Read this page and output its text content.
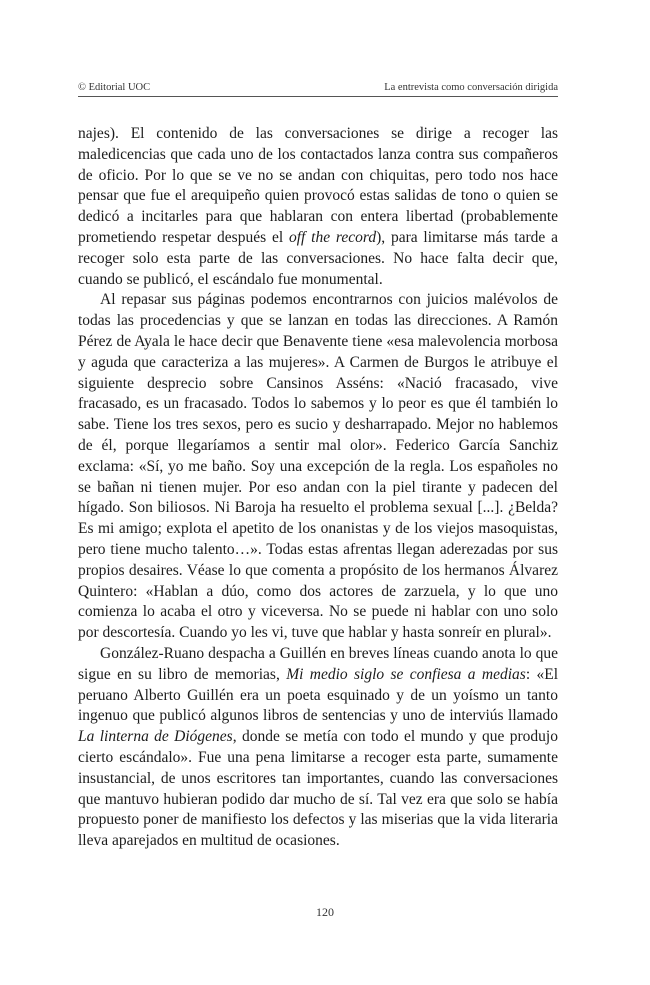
© Editorial UOC	La entrevista como conversación dirigida

najes). El contenido de las conversaciones se dirige a recoger las maledicencias que cada uno de los contactados lanza contra sus compañeros de oficio. Por lo que se ve no se andan con chiquitas, pero todo nos hace pensar que fue el arequipeño quien provocó estas salidas de tono o quien se dedicó a incitarles para que hablaran con entera libertad (probablemente prometiendo respetar después el off the record), para limitarse más tarde a recoger solo esta parte de las conversaciones. No hace falta decir que, cuando se publicó, el escándalo fue monumental.

Al repasar sus páginas podemos encontrarnos con juicios malévolos de todas las procedencias y que se lanzan en todas las direcciones. A Ramón Pérez de Ayala le hace decir que Benavente tiene «esa malevolencia morbosa y aguda que caracteriza a las mujeres». A Carmen de Burgos le atribuye el siguiente desprecio sobre Cansinos Asséns: «Nació fracasado, vive fracasado, es un fracasado. Todos lo sabemos y lo peor es que él también lo sabe. Tiene los tres sexos, pero es sucio y desharrapado. Mejor no hablemos de él, porque llegaríamos a sentir mal olor». Federico García Sanchiz exclama: «Sí, yo me baño. Soy una excepción de la regla. Los españoles no se bañan ni tienen mujer. Por eso andan con la piel tirante y padecen del hígado. Son biliosos. Ni Baroja ha resuelto el problema sexual [...]. ¿Belda? Es mi amigo; explota el apetito de los onanistas y de los viejos masoquistas, pero tiene mucho talento…». Todas estas afrentas llegan aderezadas por sus propios desaires. Véase lo que comenta a propósito de los hermanos Álvarez Quintero: «Hablan a dúo, como dos actores de zarzuela, y lo que uno comienza lo acaba el otro y viceversa. No se puede ni hablar con uno solo por descortesía. Cuando yo les vi, tuve que hablar y hasta sonreír en plural».

González-Ruano despacha a Guillén en breves líneas cuando anota lo que sigue en su libro de memorias, Mi medio siglo se confiesa a medias: «El peruano Alberto Guillén era un poeta esquinado y de un yoísmo un tanto ingenuo que publicó algunos libros de sentencias y uno de interviús llamado La linterna de Diógenes, donde se metía con todo el mundo y que produjo cierto escándalo». Fue una pena limitarse a recoger esta parte, sumamente insustancial, de unos escritores tan importantes, cuando las conversaciones que mantuvo hubieran podido dar mucho de sí. Tal vez era que solo se había propuesto poner de manifiesto los defectos y las miserias que la vida literaria lleva aparejados en multitud de ocasiones.

120
